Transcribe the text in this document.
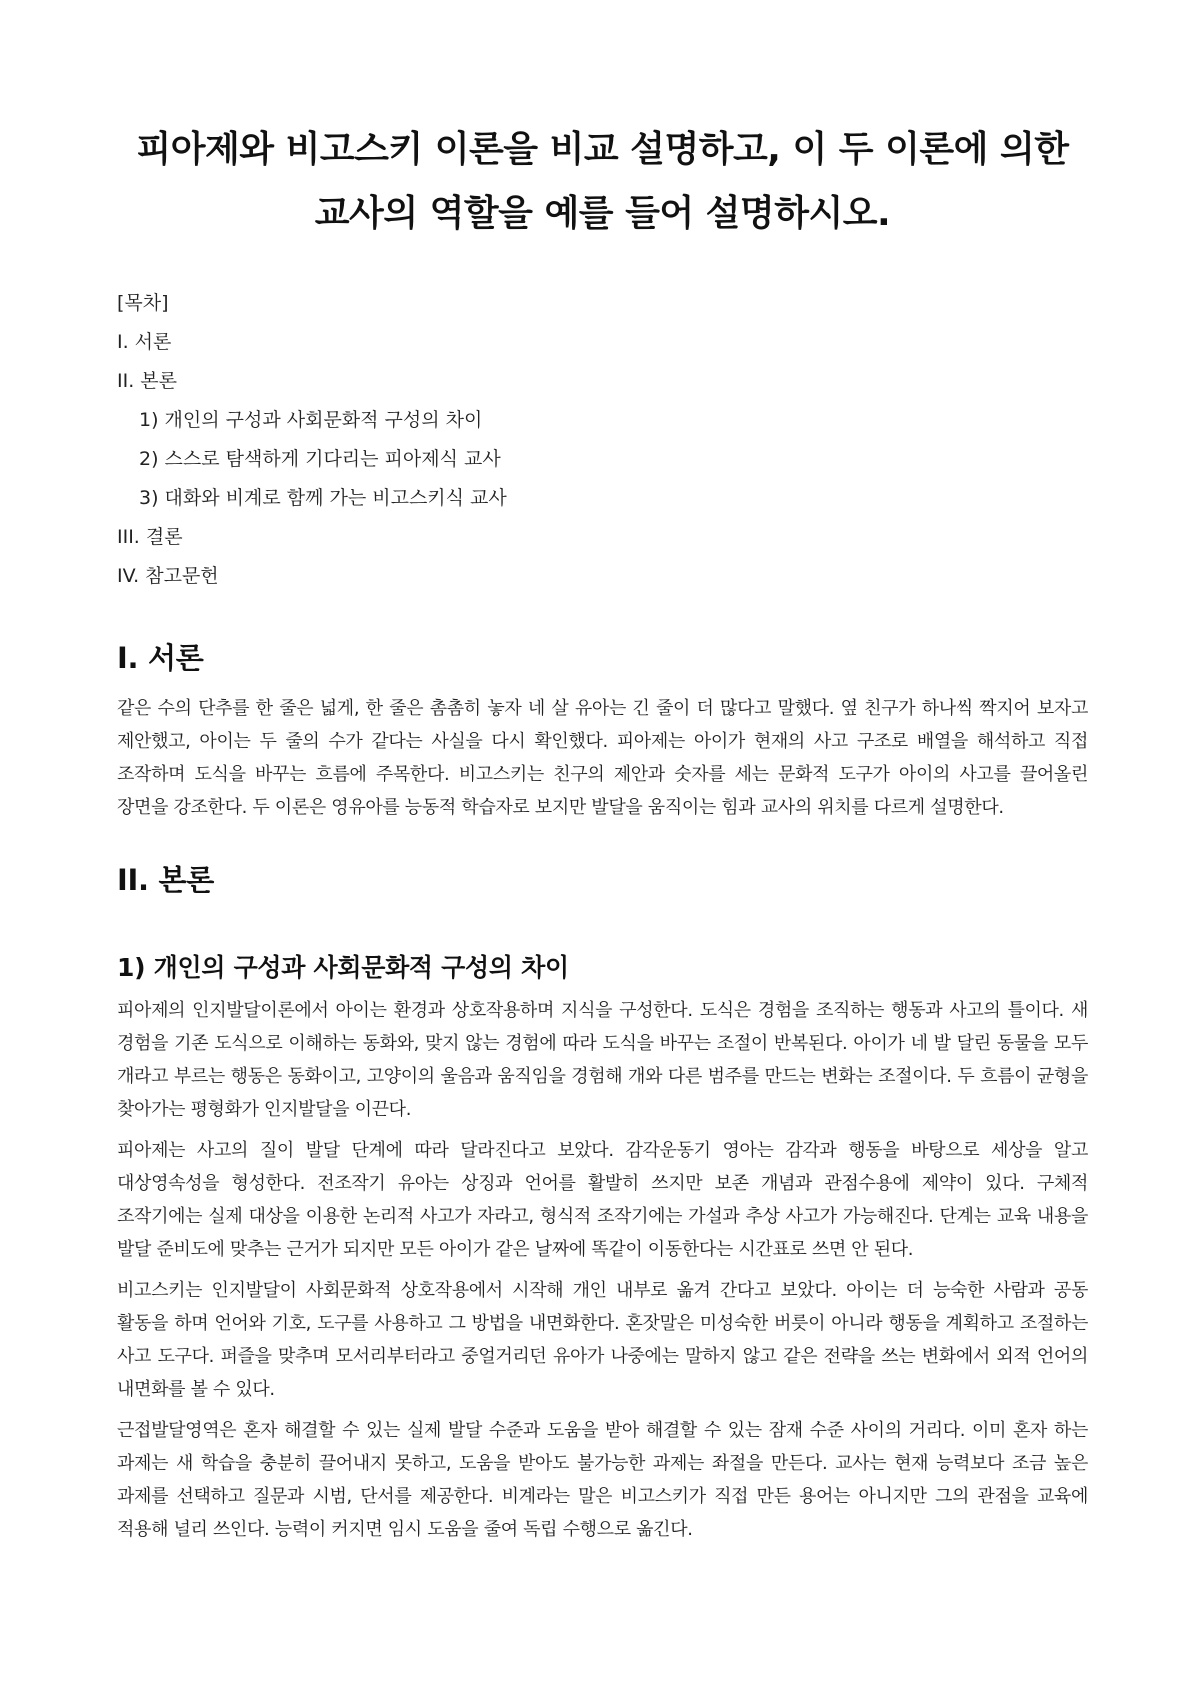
피아제와 비고스키 이론을 비교 설명하고, 이 두 이론에 의한 교사의 역할을 예를 들어 설명하시오.
[목차]
I. 서론
II. 본론
1) 개인의 구성과 사회문화적 구성의 차이
2) 스스로 탐색하게 기다리는 피아제식 교사
3) 대화와 비계로 함께 가는 비고스키식 교사
III. 결론
IV. 참고문헌
I. 서론

같은 수의 단추를 한 줄은 넓게, 한 줄은 촘촘히 놓자 네 살 유아는 긴 줄이 더 많다고 말했다. 옆 친구가 하나씩 짝지어 보자고 제안했고, 아이는 두 줄의 수가 같다는 사실을 다시 확인했다. 피아제는 아이가 현재의 사고 구조로 배열을 해석하고 직접 조작하며 도식을 바꾸는 흐름에 주목한다. 비고스키는 친구의 제안과 숫자를 세는 문화적 도구가 아이의 사고를 끌어올린 장면을 강조한다. 두 이론은 영유아를 능동적 학습자로 보지만 발달을 움직이는 힘과 교사의 위치를 다르게 설명한다.

II. 본론
1) 개인의 구성과 사회문화적 구성의 차이

피아제의 인지발달이론에서 아이는 환경과 상호작용하며 지식을 구성한다. 도식은 경험을 조직하는 행동과 사고의 틀이다. 새 경험을 기존 도식으로 이해하는 동화와, 맞지 않는 경험에 따라 도식을 바꾸는 조절이 반복된다. 아이가 네 발 달린 동물을 모두 개라고 부르는 행동은 동화이고, 고양이의 울음과 움직임을 경험해 개와 다른 범주를 만드는 변화는 조절이다. 두 흐름이 균형을 찾아가는 평형화가 인지발달을 이끈다.

피아제는 사고의 질이 발달 단계에 따라 달라진다고 보았다. 감각운동기 영아는 감각과 행동을 바탕으로 세상을 알고 대상영속성을 형성한다. 전조작기 유아는 상징과 언어를 활발히 쓰지만 보존 개념과 관점수용에 제약이 있다. 구체적 조작기에는 실제 대상을 이용한 논리적 사고가 자라고, 형식적 조작기에는 가설과 추상 사고가 가능해진다. 단계는 교육 내용을 발달 준비도에 맞추는 근거가 되지만 모든 아이가 같은 날짜에 똑같이 이동한다는 시간표로 쓰면 안 된다.

비고스키는 인지발달이 사회문화적 상호작용에서 시작해 개인 내부로 옮겨 간다고 보았다. 아이는 더 능숙한 사람과 공동 활동을 하며 언어와 기호, 도구를 사용하고 그 방법을 내면화한다. 혼잣말은 미성숙한 버릇이 아니라 행동을 계획하고 조절하는 사고 도구다. 퍼즐을 맞추며 모서리부터라고 중얼거리던 유아가 나중에는 말하지 않고 같은 전략을 쓰는 변화에서 외적 언어의 내면화를 볼 수 있다.

근접발달영역은 혼자 해결할 수 있는 실제 발달 수준과 도움을 받아 해결할 수 있는 잠재 수준 사이의 거리다. 이미 혼자 하는 과제는 새 학습을 충분히 끌어내지 못하고, 도움을 받아도 불가능한 과제는 좌절을 만든다. 교사는 현재 능력보다 조금 높은 과제를 선택하고 질문과 시범, 단서를 제공한다. 비계라는 말은 비고스키가 직접 만든 용어는 아니지만 그의 관점을 교육에 적용해 널리 쓰인다. 능력이 커지면 임시 도움을 줄여 독립 수행으로 옮긴다.
